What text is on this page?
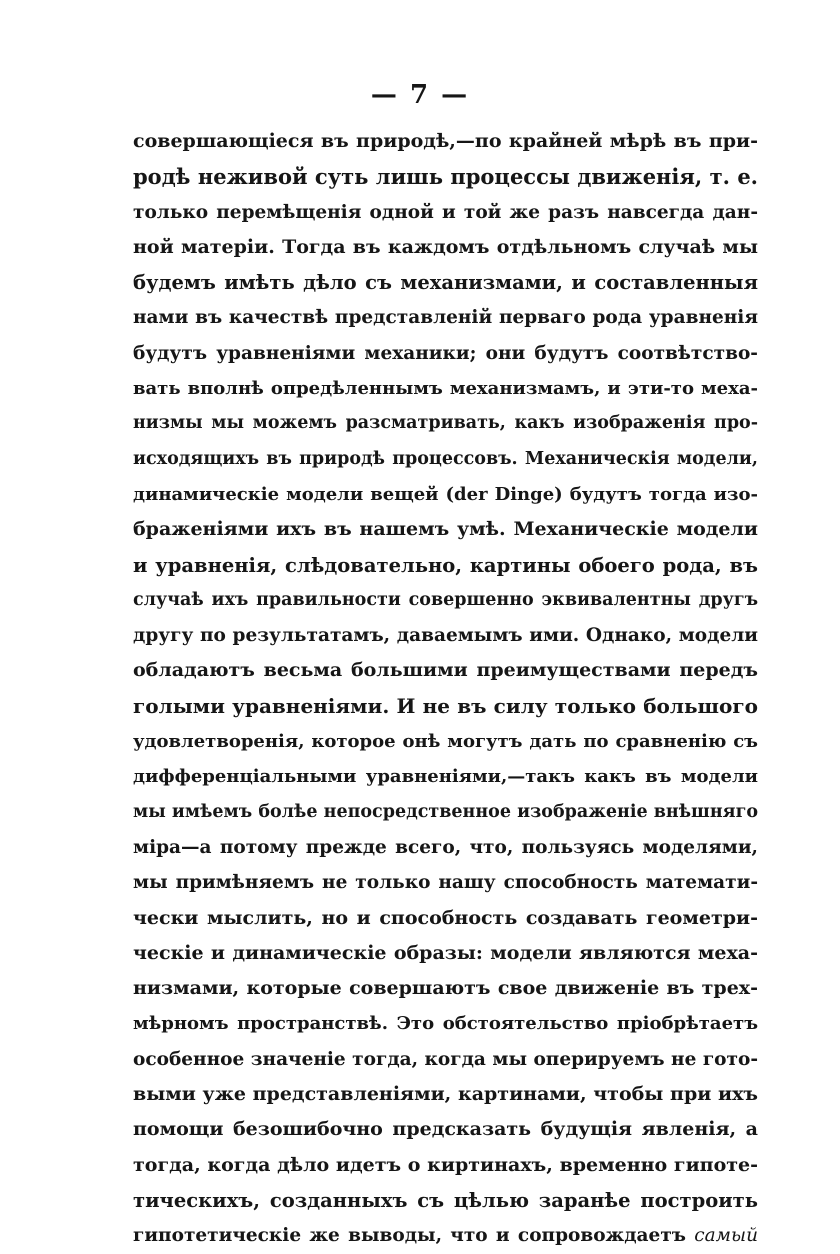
— 7 —
совершающіеся въ природѣ,—по крайней мѣрѣ въ при-
родѣ неживой суть лишь процессы движенія, т. е.
только перемѣщенія одной и той же разъ навсегда дан-
ной матеріи. Тогда въ каждомъ отдѣльномъ случаѣ мы
будемъ имѣть дѣло съ механизмами, и составленныя
нами въ качествѣ представленій перваго рода уравненія
будутъ уравненіями механики; они будутъ соотвѣтство-
вать вполнѣ опредѣленнымъ механизмамъ, и эти-то меха-
низмы мы можемъ разсматривать, какъ изображенія про-
исходящихъ въ природѣ процессовъ. Механическія модели,
динамическіе модели вещей (der Dinge) будутъ тогда изо-
браженіями ихъ въ нашемъ умѣ. Механическіе модели
и уравненія, слѣдовательно, картины обоего рода, въ
случаѣ ихъ правильности совершенно эквивалентны другъ
другу по результатамъ, даваемымъ ими. Однако, модели
обладаютъ весьма большими преимуществами передъ
голыми уравненіями. И не въ силу только большого
удовлетворенія, которое онѣ могутъ дать по сравненію съ
дифференціальными уравненіями,—такъ какъ въ модели
мы имѣемъ болѣе непосредственное изображеніе внѣшняго
міра—а потому прежде всего, что, пользуясь моделями,
мы примѣняемъ не только нашу способность математи-
чески мыслить, но и способность создавать геометри-
ческіе и динамическіе образы: модели являются меха-
низмами, которые совершаютъ свое движеніе въ трех-
мѣрномъ пространствѣ. Это обстоятельство пріобрѣтаетъ
особенное значеніе тогда, когда мы оперируемъ не гото-
выми уже представленіями, картинами, чтобы при ихъ
помощи безошибочно предсказать будущія явленія, а
тогда, когда дѣло идетъ о киртинахъ, временно гипоте-
тическихъ, созданныхъ съ цѣлью заранѣе построить
гипотетическіе же выводы, что и сопровождаетъ самый
